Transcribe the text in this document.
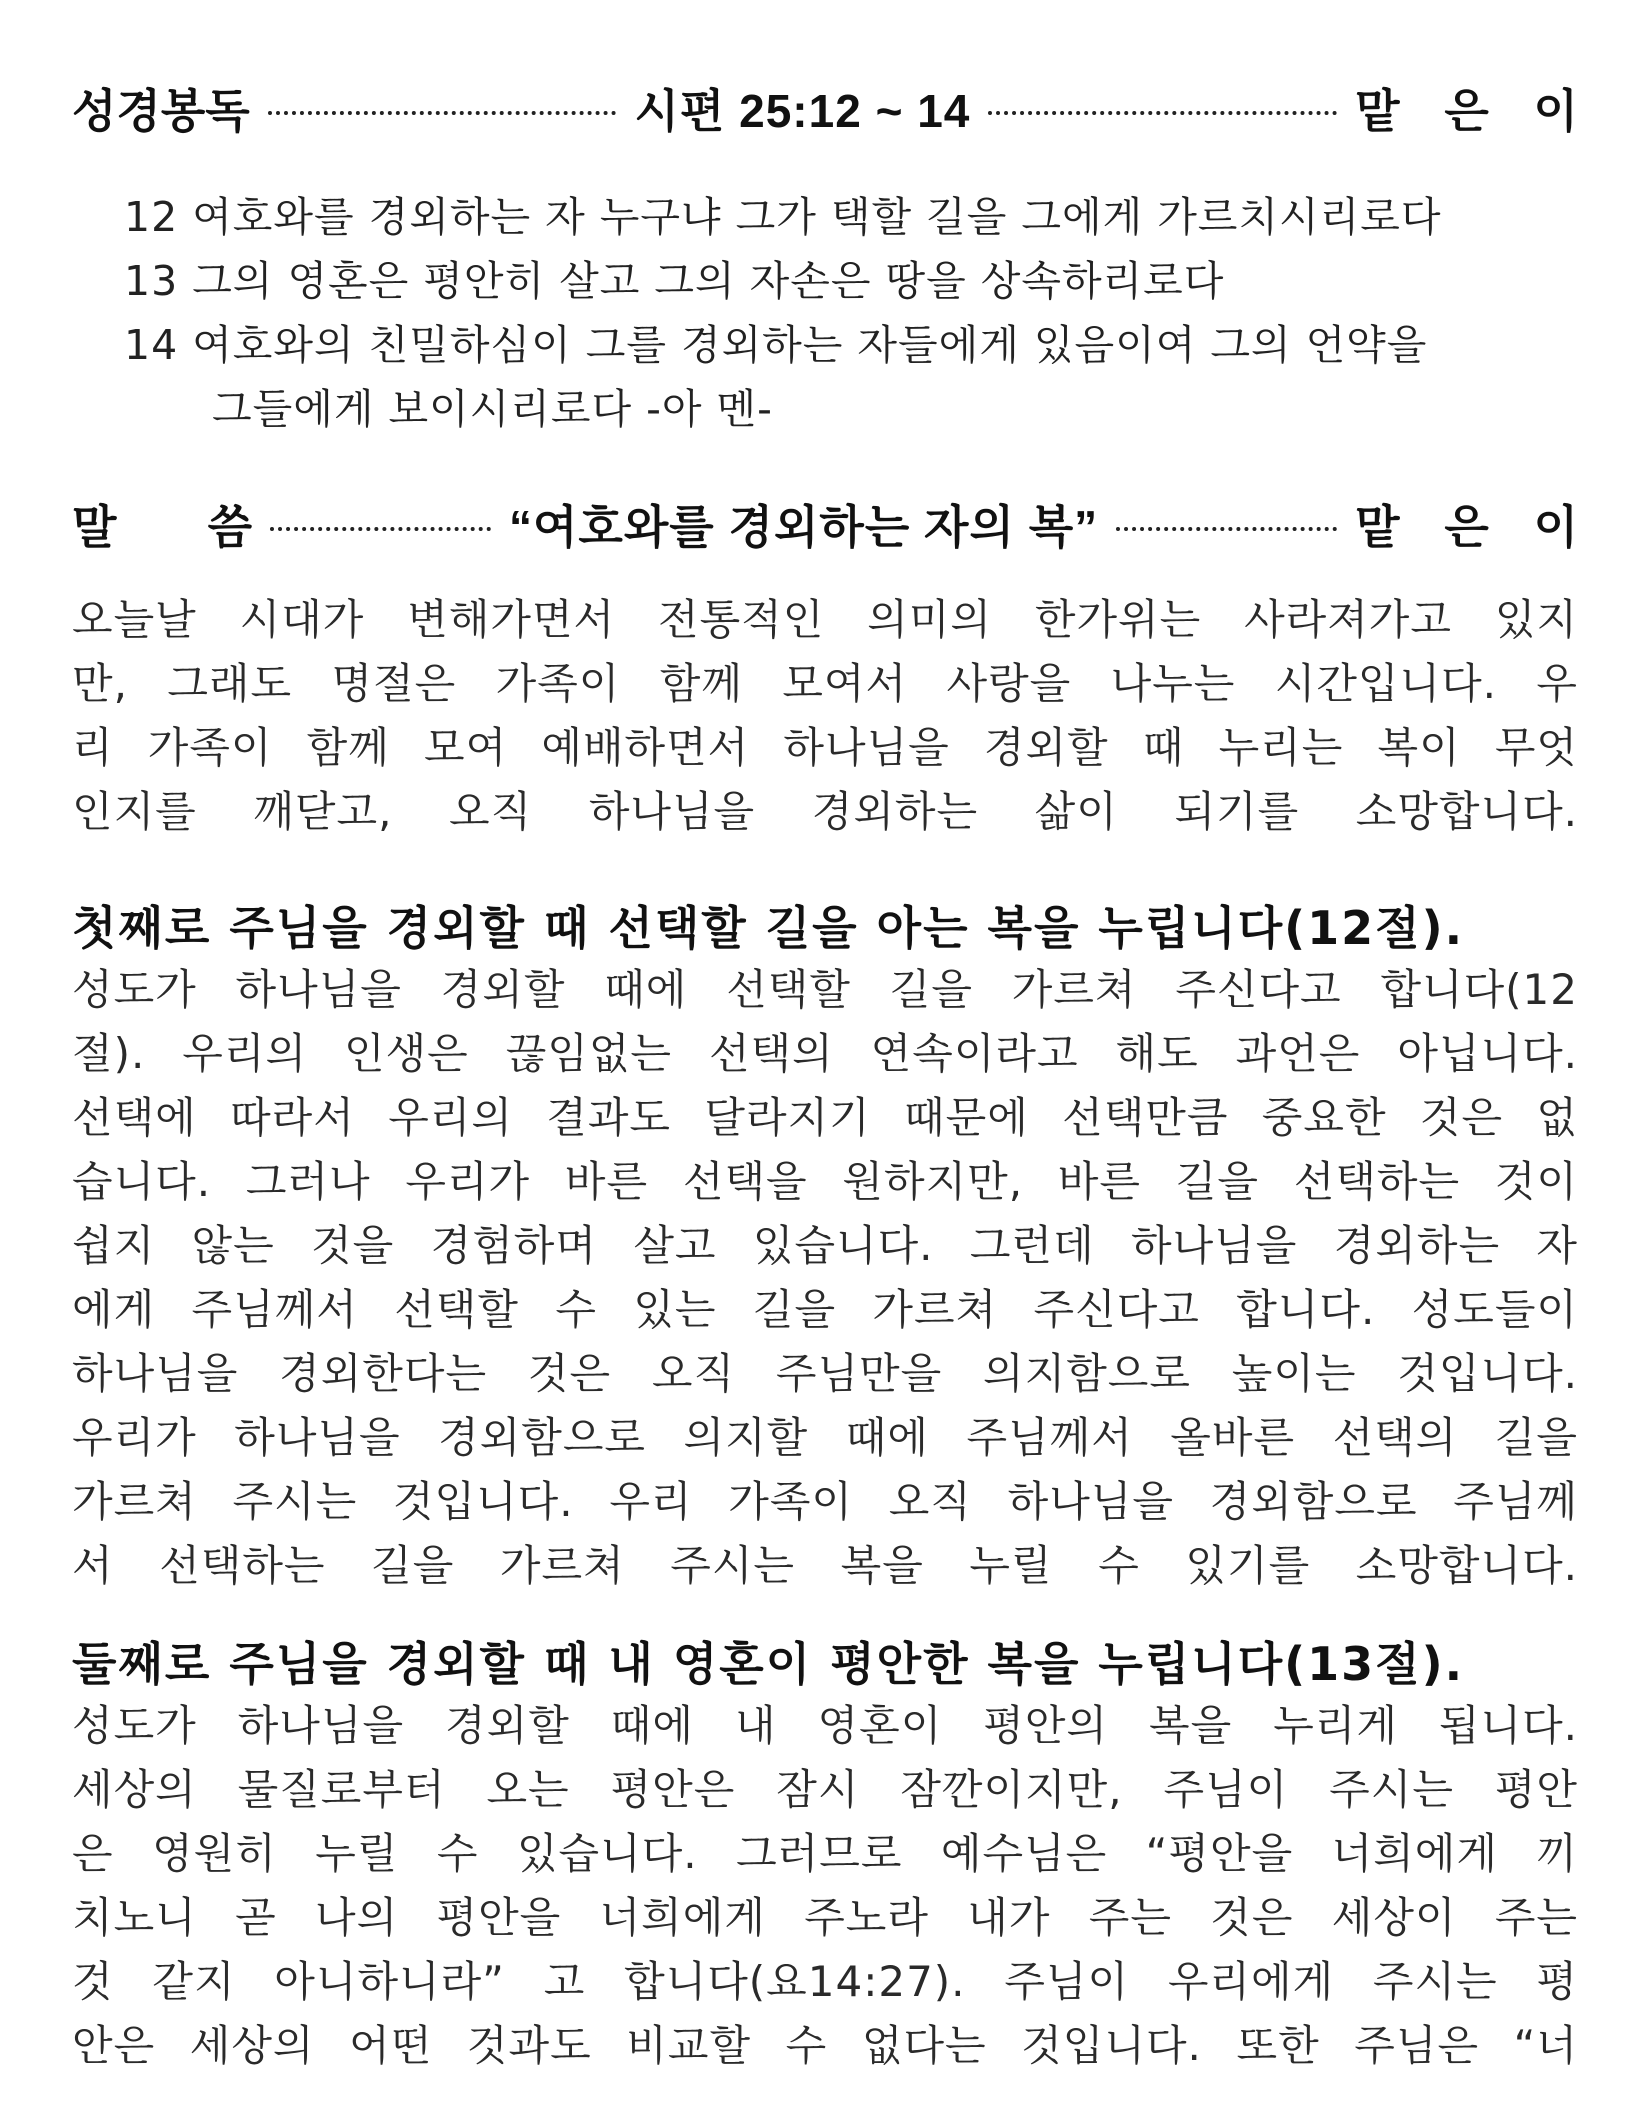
성경봉독	시편 25:12 ~ 14	맡 은 이
12 여호와를 경외하는 자 누구냐 그가 택할 길을 그에게 가르치시리로다
13 그의 영혼은 평안히 살고 그의 자손은 땅을 상속하리로다
14 여호와의 친밀하심이 그를 경외하는 자들에게 있음이여 그의 언약을
그들에게 보이시리로다 -아 멘-
말 씀	“여호와를 경외하는 자의 복”	맡 은 이
오늘날 시대가 변해가면서 전통적인 의미의 한가위는 사라져가고 있지
만, 그래도 명절은 가족이 함께 모여서 사랑을 나누는 시간입니다. 우
리 가족이 함께 모여 예배하면서 하나님을 경외할 때 누리는 복이 무엇
인지를 깨닫고, 오직 하나님을 경외하는 삶이 되기를 소망합니다.
첫째로 주님을 경외할 때 선택할 길을 아는 복을 누립니다(12절).
성도가 하나님을 경외할 때에 선택할 길을 가르쳐 주신다고 합니다(12
절). 우리의 인생은 끊임없는 선택의 연속이라고 해도 과언은 아닙니다.
선택에 따라서 우리의 결과도 달라지기 때문에 선택만큼 중요한 것은 없
습니다. 그러나 우리가 바른 선택을 원하지만, 바른 길을 선택하는 것이
쉽지 않는 것을 경험하며 살고 있습니다. 그런데 하나님을 경외하는 자
에게 주님께서 선택할 수 있는 길을 가르쳐 주신다고 합니다. 성도들이
하나님을 경외한다는 것은 오직 주님만을 의지함으로 높이는 것입니다.
우리가 하나님을 경외함으로 의지할 때에 주님께서 올바른 선택의 길을
가르쳐 주시는 것입니다. 우리 가족이 오직 하나님을 경외함으로 주님께
서 선택하는 길을 가르쳐 주시는 복을 누릴 수 있기를 소망합니다.
둘째로 주님을 경외할 때 내 영혼이 평안한 복을 누립니다(13절).
성도가 하나님을 경외할 때에 내 영혼이 평안의 복을 누리게 됩니다.
세상의 물질로부터 오는 평안은 잠시 잠깐이지만, 주님이 주시는 평안
은 영원히 누릴 수 있습니다. 그러므로 예수님은 “평안을 너희에게 끼
치노니 곧 나의 평안을 너희에게 주노라 내가 주는 것은 세상이 주는
것 같지 아니하니라” 고 합니다(요14:27). 주님이 우리에게 주시는 평
안은 세상의 어떤 것과도 비교할 수 없다는 것입니다. 또한 주님은 “너
